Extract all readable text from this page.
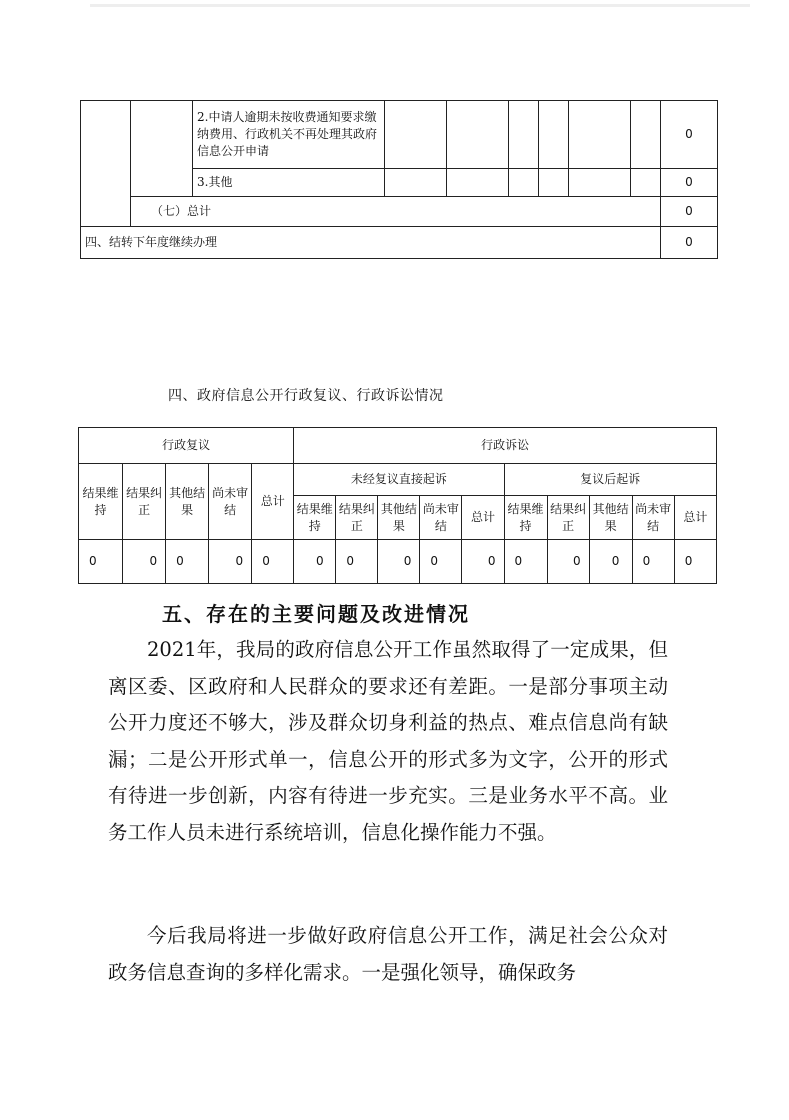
		2.中请人逾期未按收费通知要求缴纳费用、行政机关不再处理其政府信息公开申请							0
		3.其他							0
	（七）总计								0
四、结转下年度继续办理									0
四、政府信息公开行政复议、行政诉讼情况
行政复议					行政诉讼									
结果维持	结果纠正	其他结果	尚未审结	总计	未经复议直接起诉					复议后起诉				
					结果维持	结果纠正	其他结果	尚未审结	总计	结果维持	结果纠正	其他结果	尚未审结	总计
0	0	0	0	0	0	0	0	0	0	0	0	0	0	0
五、存在的主要问题及改进情况

2021年，我局的政府信息公开工作虽然取得了一定成果，但离区委、区政府和人民群众的要求还有差距。一是部分事项主动公开力度还不够大，涉及群众切身利益的热点、难点信息尚有缺漏；二是公开形式单一，信息公开的形式多为文字，公开的形式有待进一步创新，内容有待进一步充实。三是业务水平不高。业务工作人员未进行系统培训，信息化操作能力不强。

今后我局将进一步做好政府信息公开工作，满足社会公众对政务信息查询的多样化需求。一是强化领导，确保政务
